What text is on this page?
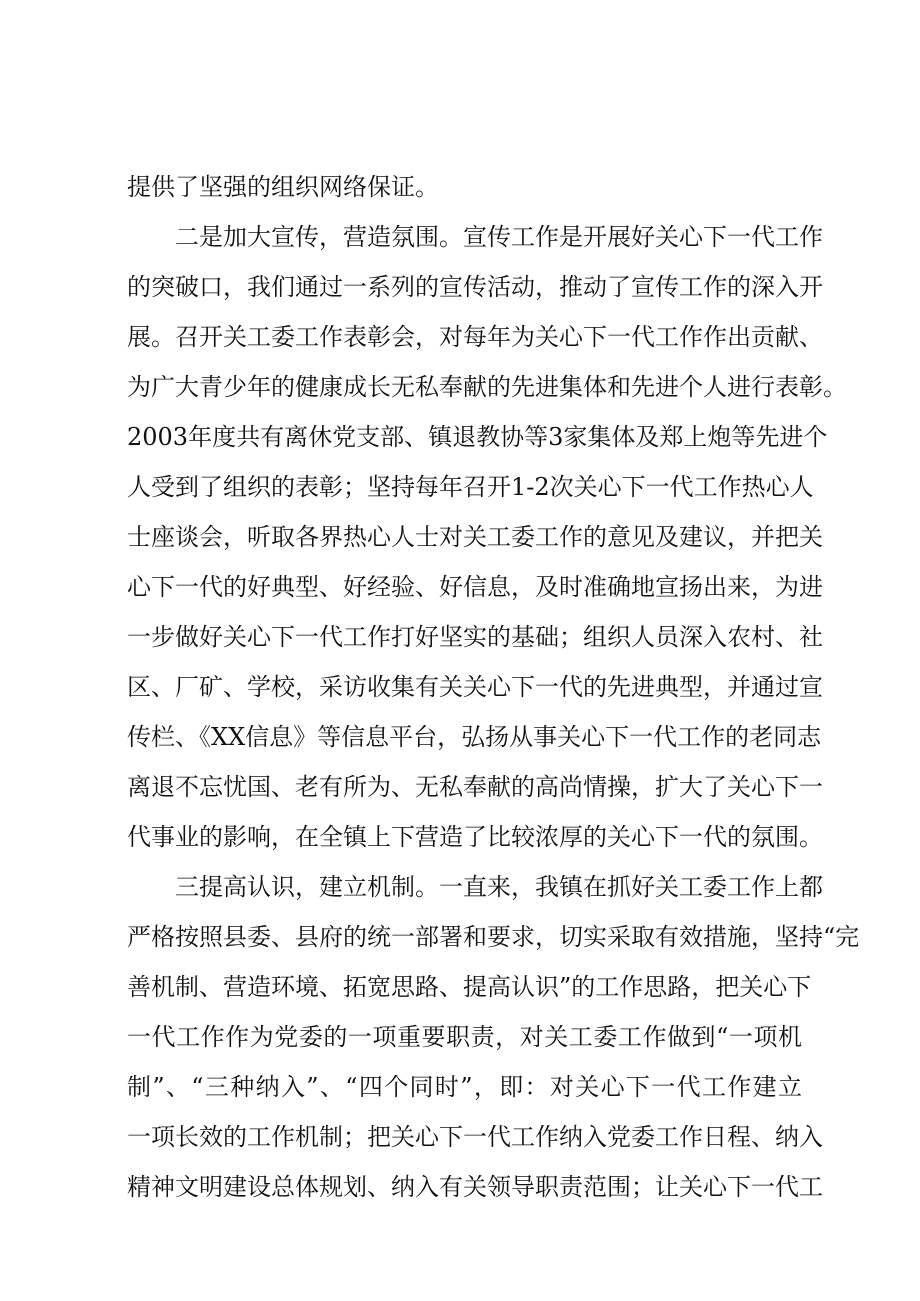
提供了坚强的组织网络保证。

二是加大宣传，营造氛围。宣传工作是开展好关心下一代工作
的突破口，我们通过一系列的宣传活动，推动了宣传工作的深入开
展。召开关工委工作表彰会，对每年为关心下一代工作作出贡献、
为广大青少年的健康成长无私奉献的先进集体和先进个人进行表彰。
2003年度共有离休党支部、镇退教协等3家集体及郑上炮等先进个
人受到了组织的表彰；坚持每年召开1-2次关心下一代工作热心人
士座谈会，听取各界热心人士对关工委工作的意见及建议，并把关
心下一代的好典型、好经验、好信息，及时准确地宣扬出来，为进
一步做好关心下一代工作打好坚实的基础；组织人员深入农村、社
区、厂矿、学校，采访收集有关关心下一代的先进典型，并通过宣
传栏、《XX信息》等信息平台，弘扬从事关心下一代工作的老同志
离退不忘忧国、老有所为、无私奉献的高尚情操，扩大了关心下一
代事业的影响，在全镇上下营造了比较浓厚的关心下一代的氛围。

三提高认识，建立机制。一直来，我镇在抓好关工委工作上都
严格按照县委、县府的统一部署和要求，切实采取有效措施，坚持“完
善机制、营造环境、拓宽思路、提高认识”的工作思路，把关心下
一代工作作为党委的一项重要职责，对关工委工作做到“一项机
制”、“三种纳入”、“四个同时”，即：对关心下一代工作建立
一项长效的工作机制；把关心下一代工作纳入党委工作日程、纳入
精神文明建设总体规划、纳入有关领导职责范围；让关心下一代工
